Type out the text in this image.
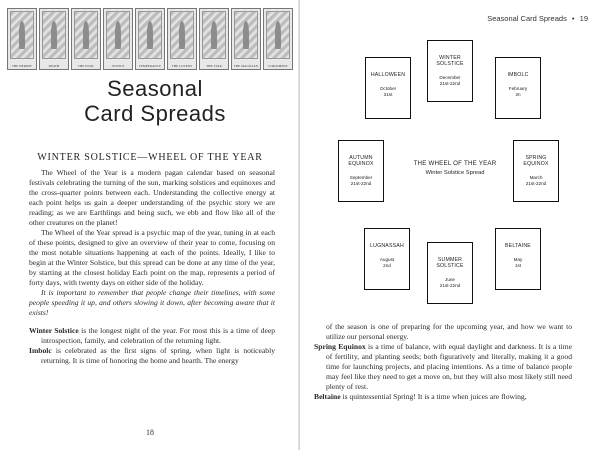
THE HERMIT	DEATH	THE FOOL	JUSTICE	TEMPERANCE	THE LOVERS	THE STAR	THE MAGICIAN	JUDGEMENT
Seasonal
Card Spreads
WINTER SOLSTICE—WHEEL OF THE YEAR

The Wheel of the Year is a modern pagan calendar based on seasonal festivals celebrating the turning of the sun, marking solstices and equinoxes and the cross-quarter points between each. Understanding the collective energy at each point helps us gain a deeper understanding of the psychic story we are reading; as we are Earthlings and being such, we ebb and flow like all of the other creatures on the planet!

The Wheel of the Year spread is a psychic map of the year, tuning in at each of these points, designed to give an overview of their year to come, focusing on the most notable situations happening at each of the points. Ideally, I like to begin at the Winter Solstice, but this spread can be done at any time of the year, by starting at the closest holiday Each point on the map, represents a period of forty days, with twenty days on either side of the holiday.

It is important to remember that people change their timelines, with some people speeding it up, and others slowing it down, after becoming aware that it exists!

Winter Solstice is the longest night of the year. For most this is a time of deep introspection, family, and celebration of the returning light.

Imbolc is celebrated as the first signs of spring, when light is noticeably returning. It is time of honoring the home and hearth. The energy

18
Seasonal Card Spreads • 19
HALLOWEEN

October
31st
WINTER
SOLSTICE
December
21st-22nd
IMBOLC

February
2n
AUTUMN
EQUINOX
September
21st-22nd
THE WHEEL OF THE YEAR
Winter Solstice Spread
SPRING
EQUINOX
March
21st-22nd
LUGNASSAH

August
2nd
SUMMER
SOLSTICE
June
21st-22nd
BELTAINE

May
1st

of the season is one of preparing for the upcoming year, and how we want to utilize our personal energy.

Spring Equinox is a time of balance, with equal daylight and darkness. It is a time of fertility, and planting seeds; both figuratively and literally, making it a good time for launching projects, and placing intentions. As a time of balance people may feel like they need to get a move on, but they will also most likely still need plenty of rest.

Beltaine is quintessential Spring! It is a time when juices are flowing,
